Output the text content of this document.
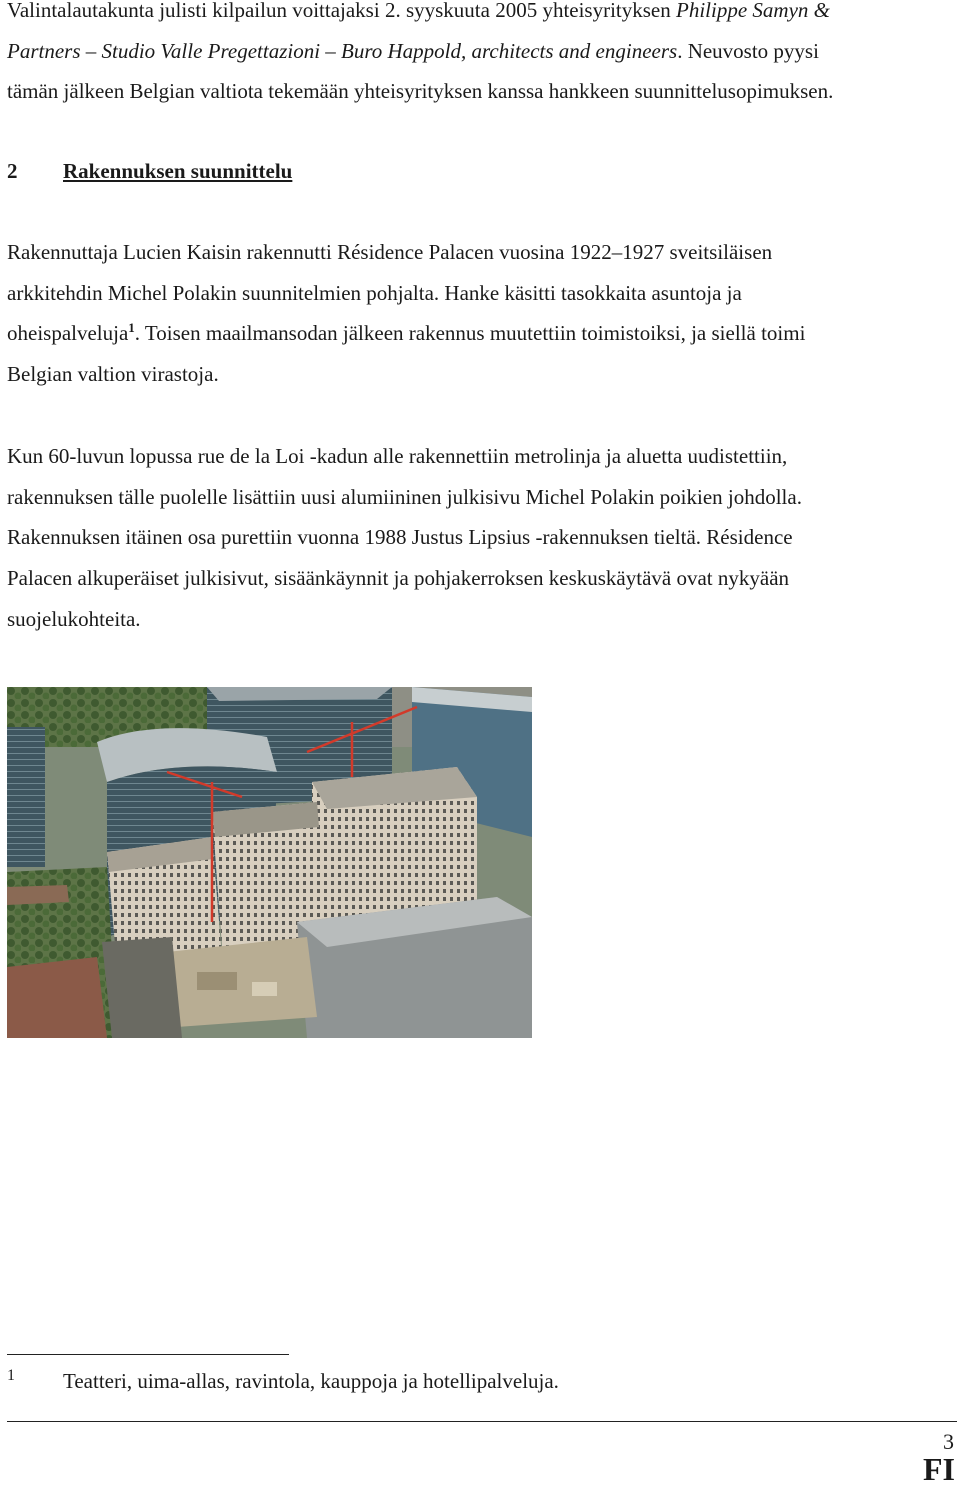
Valintalautakunta julisti kilpailun voittajaksi 2. syyskuuta 2005 yhteisyrityksen Philippe Samyn &
Partners – Studio Valle Pregettazioni – Buro Happold, architects and engineers. Neuvosto pyysi
tämän jälkeen Belgian valtiota tekemään yhteisyrityksen kanssa hankkeen suunnittelusopimuksen.

2 Rakennuksen suunnittelu

Rakennuttaja Lucien Kaisin rakennutti Résidence Palacen vuosina 1922–1927 sveitsiläisen
arkkitehdin Michel Polakin suunnitelmien pohjalta. Hanke käsitti tasokkaita asuntoja ja
oheispalveluja$^1$. Toisen maailmansodan jälkeen rakennus muutettiin toimistoiksi, ja siellä toimi
Belgian valtion virastoja.

Kun 60-luvun lopussa rue de la Loi -kadun alle rakennettiin metrolinja ja aluetta uudistettiin,
rakennuksen tälle puolelle lisättiin uusi alumiininen julkisivu Michel Polakin poikien johdolla.
Rakennuksen itäinen osa purettiin vuonna 1988 Justus Lipsius -rakennuksen tieltä. Résidence
Palacen alkuperäiset julkisivut, sisäänkäynnit ja pohjakerroksen keskuskäytävä ovat nykyään
suojelukohteita.

1 Teatteri, uima-allas, ravintola, kauppoja ja hotellipalveluja.

3

FI
